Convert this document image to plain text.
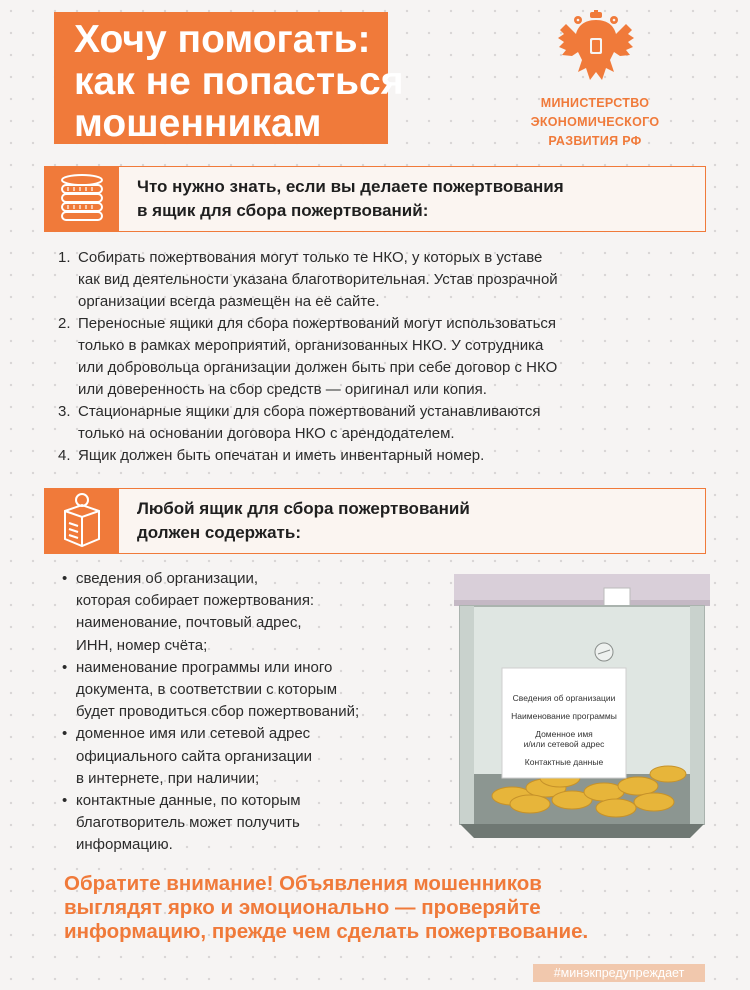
Хочу помогать:
как не попасться
мошенникам	МИНИСТЕРСТВО
ЭКОНОМИЧЕСКОГО
РАЗВИТИЯ РФ
Что нужно знать, если вы делаете пожертвования
в ящик для сбора пожертвований:
1. Собирать пожертвования могут только те НКО, у которых в уставе
как вид деятельности указана благотворительная. Устав прозрачной
организации всегда размещён на её сайте.
2. Переносные ящики для сбора пожертвований могут использоваться
только в рамках мероприятий, организованных НКО. У сотрудника
или добровольца организации должен быть при себе договор с НКО
или доверенность на сбор средств — оригинал или копия.
3. Стационарные ящики для сбора пожертвований устанавливаются
только на основании договора НКО с арендодателем.
4. Ящик должен быть опечатан и иметь инвентарный номер.
Любой ящик для сбора пожертвований
должен содержать:
• сведения об организации,
которая собирает пожертвования:
наименование, почтовый адрес,
ИНН, номер счёта;
• наименование программы или иного
документа, в соответствии с которым
будет проводиться сбор пожертвований;
• доменное имя или сетевой адрес
официального сайта организации
в интернете, при наличии;
• контактные данные, по которым
благотворитель может получить
информацию.
Сведения об организации
Наименование программы
Доменное имя
и/или сетевой адрес
Контактные данные
Обратите внимание! Объявления мошенников
выглядят ярко и эмоционально — проверяйте
информацию, прежде чем сделать пожертвование.
#минэкпредупреждает
